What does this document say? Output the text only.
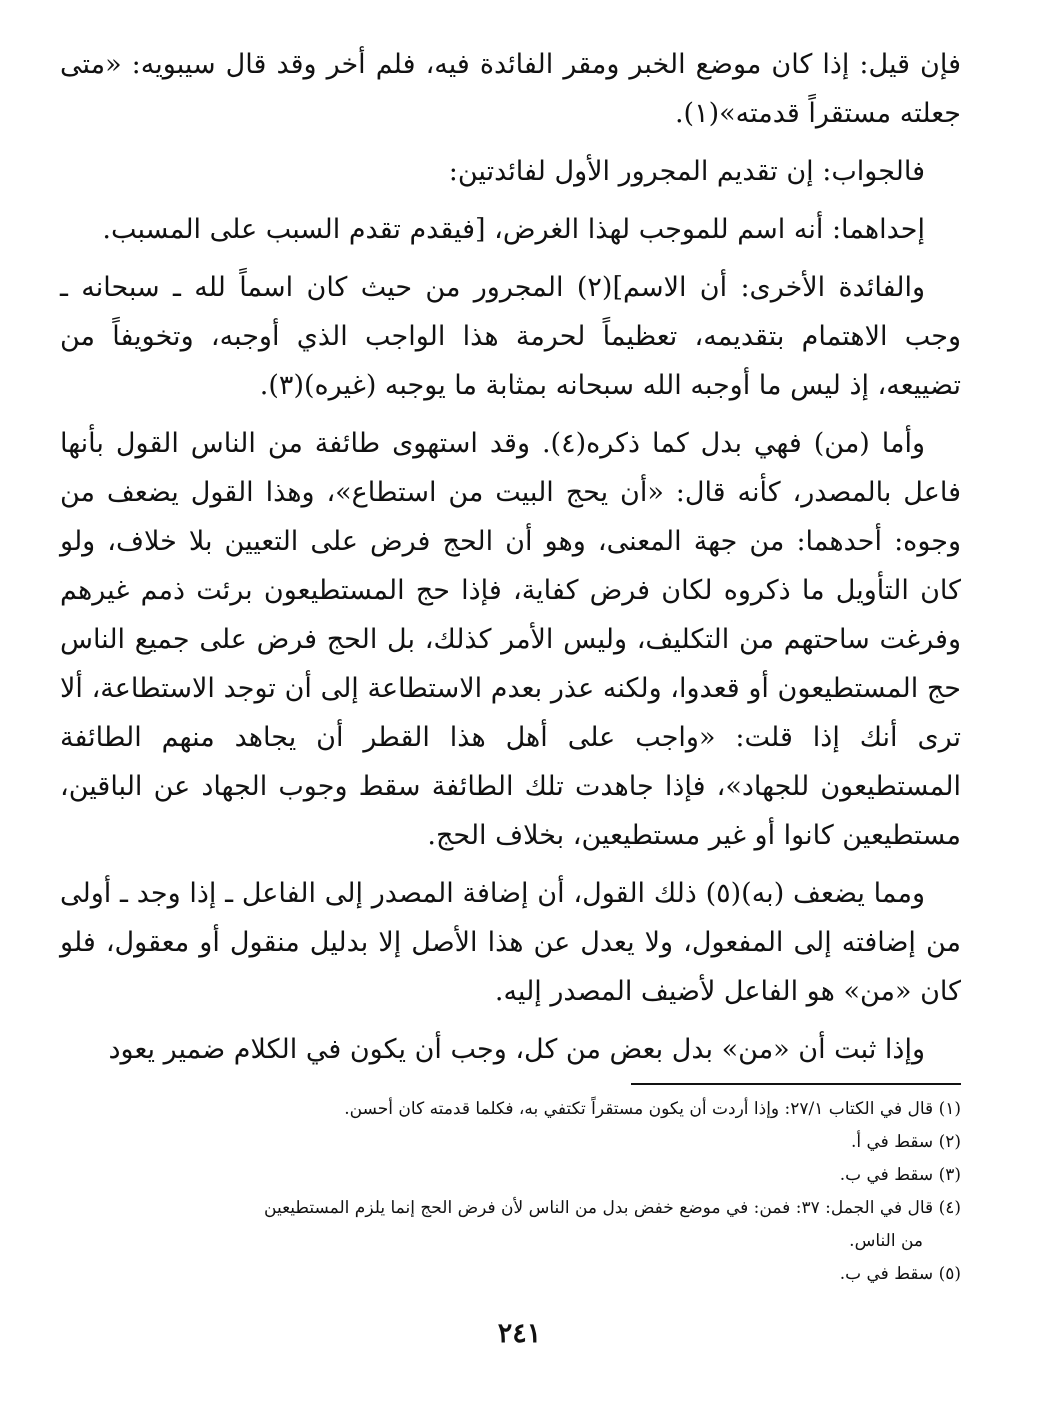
فإن قيل: إذا كان موضع الخبر ومقر الفائدة فيه، فلم أخر وقد قال سيبويه: «متى جعلته مستقراً قدمته»(١).

فالجواب: إن تقديم المجرور الأول لفائدتين:

إحداهما: أنه اسم للموجب لهذا الغرض، [فيقدم تقدم السبب على المسبب.

والفائدة الأخرى: أن الاسم](٢) المجرور من حيث كان اسماً لله ـ سبحانه ـ وجب الاهتمام بتقديمه، تعظيماً لحرمة هذا الواجب الذي أوجبه، وتخويفاً من تضييعه، إذ ليس ما أوجبه الله سبحانه بمثابة ما يوجبه (غيره)(٣).

وأما (من) فهي بدل كما ذكره(٤). وقد استهوى طائفة من الناس القول بأنها فاعل بالمصدر، كأنه قال: «أن يحج البيت من استطاع»، وهذا القول يضعف من وجوه: أحدهما: من جهة المعنى، وهو أن الحج فرض على التعيين بلا خلاف، ولو كان التأويل ما ذكروه لكان فرض كفاية، فإذا حج المستطيعون برئت ذمم غيرهم وفرغت ساحتهم من التكليف، وليس الأمر كذلك، بل الحج فرض على جميع الناس حج المستطيعون أو قعدوا، ولكنه عذر بعدم الاستطاعة إلى أن توجد الاستطاعة، ألا ترى أنك إذا قلت: «واجب على أهل هذا القطر أن يجاهد منهم الطائفة المستطيعون للجهاد»، فإذا جاهدت تلك الطائفة سقط وجوب الجهاد عن الباقين، مستطيعين كانوا أو غير مستطيعين، بخلاف الحج.

ومما يضعف (به)(٥) ذلك القول، أن إضافة المصدر إلى الفاعل ـ إذا وجد ـ أولى من إضافته إلى المفعول، ولا يعدل عن هذا الأصل إلا بدليل منقول أو معقول، فلو كان «من» هو الفاعل لأضيف المصدر إليه.

وإذا ثبت أن «من» بدل بعض من كل، وجب أن يكون في الكلام ضمير يعود

(١) قال في الكتاب ٢٧/١: وإذا أردت أن يكون مستقراً تكتفي به، فكلما قدمته كان أحسن.

(٢) سقط في أ.

(٣) سقط في ب.

(٤) قال في الجمل: ٣٧: فمن: في موضع خفض بدل من الناس لأن فرض الحج إنما يلزم المستطيعين

من الناس.

(٥) سقط في ب.

٢٤١
